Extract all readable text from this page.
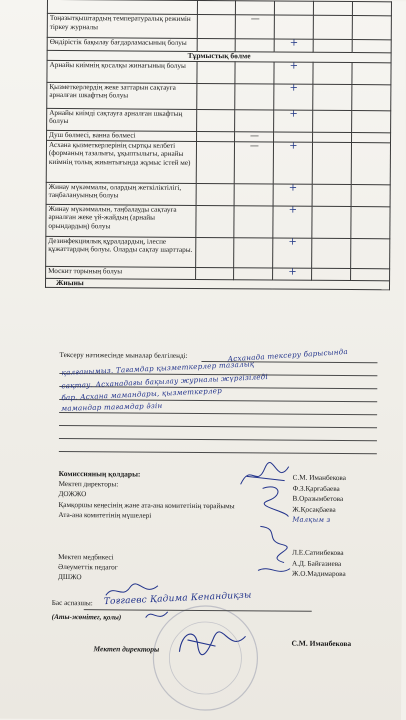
Тоңазытқыштардың температуралық режимін тіркеу журналы		—			
Өндірістік бақылау бағдарламасының болуы			+		
Тұрмыстық бөлме					
Арнайы киімнің қосалқы жинағының болуы			+		
Қызметкерлердің жеке заттарын сақтауға арналған шкафтың болуы			+		
Арнайы киімді сақтауға арналған шкафтың болуы			+		
Душ бөлмесі, ванна бөлмесі		—			
Асхана қызметкерлерінің сыртқы келбеті (форманың тазалығы, ұқыптылығы, арнайы киімнің толық жиынтығында жұмыс істей ме)		—	+		
Жинау мүкәммалы, олардың жеткіліктілігі, таңбалануының болуы			+		
Жинау мүкәммалын, таңбалауды сақтауға арналған жеке үй-жайдың (арнайы орындардың) болуы			+		
Дезинфекциялық құралдардың, ілеспе құжаттардың болуы. Оларды сақтау шарттары.			+		
Москит торының болуы			+		
Жиыны					
Тексеру нәтижесінде мыналар белгіленді:	Асханада тексеру барысында
қалғанымыз. Тағамдар қызметкерлер тазалық
сақтау. Асханадағы бақылау журналы жүргізіледі
бар. Асхана мамандары, қызметкерлер
мамандар тағамдар ӛзін
Комиссияның қолдары:
Мектеп директоры:
ДОЖЖО
Қамқоршы кеңесінің және ата-ана комитетінің төрайымы
Ата-ана комитетінің мүшелері
С.М. Иманбекова
Ф.З.Қарғабаева
В.Оразымбетова
Ж.Қосақбаева
Малқым з
Мектеп медбикесі
Әлеуметтік педагог
ДШЖО
Л.Е.Сатиибекова
А.Д. Байғазиева
Ж.О.Мадимарова
Бас аспазшы: Тоғгаевс Қадима Кенандиқзы
(Аты-жөнітег, қолы)
Мектеп директоры
С.М. Иманбекова
